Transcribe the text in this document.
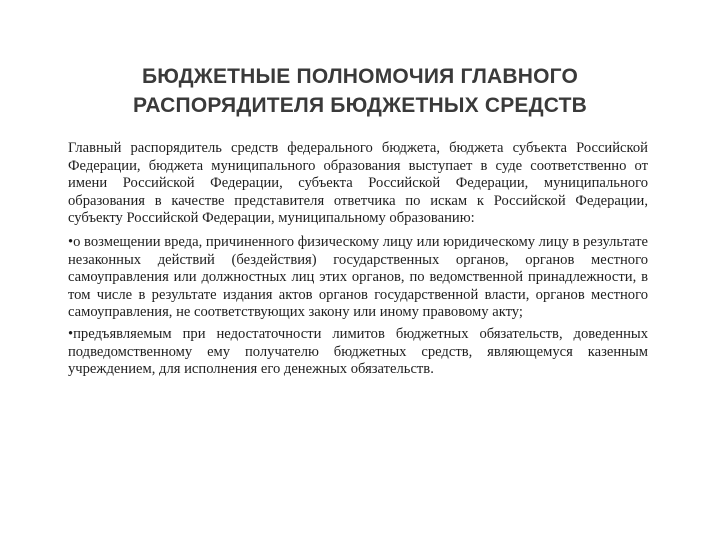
БЮДЖЕТНЫЕ ПОЛНОМОЧИЯ ГЛАВНОГО
РАСПОРЯДИТЕЛЯ БЮДЖЕТНЫХ СРЕДСТВ

Главный распорядитель средств федерального бюджета, бюджета субъекта Российской Федерации, бюджета муниципального образования выступает в суде соответственно от имени Российской Федерации, субъекта Российской Федерации, муниципального образования в качестве представителя ответчика по искам к Российской Федерации, субъекту Российской Федерации, муниципальному образованию:

•о возмещении вреда, причиненного физическому лицу или юридическому лицу в результате незаконных действий (бездействия) государственных органов, органов местного самоуправления или должностных лиц этих органов, по ведомственной принадлежности, в том числе в результате издания актов органов государственной власти, органов местного самоуправления, не соответствующих закону или иному правовому акту;

•предъявляемым при недостаточности лимитов бюджетных обязательств, доведенных подведомственному ему получателю бюджетных средств, являющемуся казенным учреждением, для исполнения его денежных обязательств.
